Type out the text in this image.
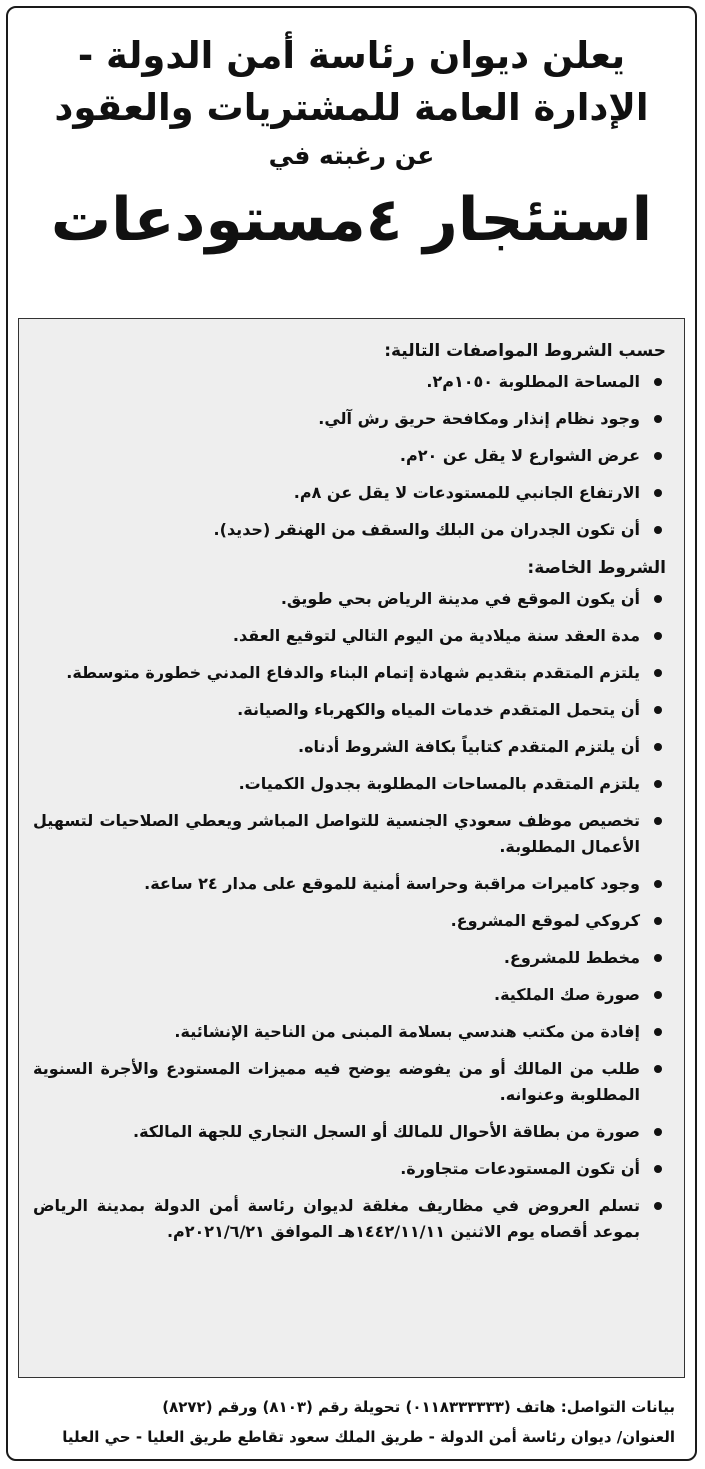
يعلن ديوان رئاسة أمن الدولة -
الإدارة العامة للمشتريات والعقود
عن رغبته في
استئجار ٤مستودعات
حسب الشروط المواصفات التالية:
المساحة المطلوبة ١٠٥٠م٢.
وجود نظام إنذار ومكافحة حريق رش آلي.
عرض الشوارع لا يقل عن ٢٠م.
الارتفاع الجانبي للمستودعات لا يقل عن ٨م.
أن تكون الجدران من البلك والسقف من الهنقر (حديد).
الشروط الخاصة:
أن يكون الموقع في مدينة الرياض بحي طويق.
مدة العقد سنة ميلادية من اليوم التالي لتوقيع العقد.
يلتزم المتقدم بتقديم شهادة إتمام البناء والدفاع المدني خطورة متوسطة.
أن يتحمل المتقدم خدمات المياه والكهرباء والصيانة.
أن يلتزم المتقدم كتابياً بكافة الشروط أدناه.
يلتزم المتقدم بالمساحات المطلوبة بجدول الكميات.
تخصيص موظف سعودي الجنسية للتواصل المباشر ويعطي الصلاحيات لتسهيل الأعمال المطلوبة.
وجود كاميرات مراقبة وحراسة أمنية للموقع على مدار ٢٤ ساعة.
كروكي لموقع المشروع.
مخطط للمشروع.
صورة صك الملكية.
إفادة من مكتب هندسي بسلامة المبنى من الناحية الإنشائية.
طلب من المالك أو من يفوضه يوضح فيه مميزات المستودع والأجرة السنوية المطلوبة وعنوانه.
صورة من بطاقة الأحوال للمالك أو السجل التجاري للجهة المالكة.
أن تكون المستودعات متجاورة.
تسلم العروض في مظاريف مغلقة لديوان رئاسة أمن الدولة بمدينة الرياض بموعد أقصاه يوم الاثنين ١٤٤٢/١١/١١هـ الموافق ٢٠٢١/٦/٢١م.
بيانات التواصل: هاتف (٠١١٨٣٣٣٣٣٣) تحويلة رقم (٨١٠٣) ورقم (٨٢٧٢)
العنوان/ ديوان رئاسة أمن الدولة - طريق الملك سعود تقاطع طريق العليا - حي العليا
